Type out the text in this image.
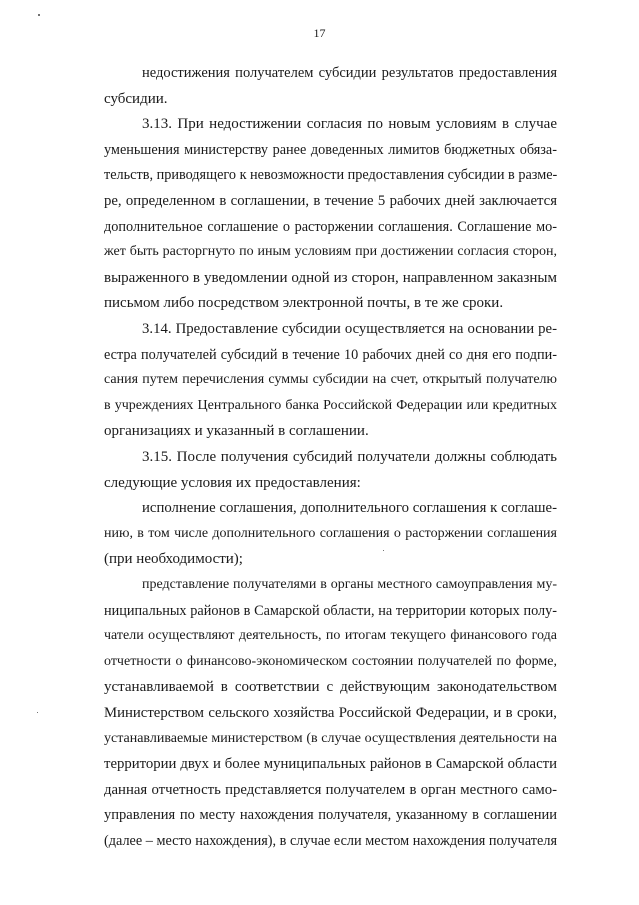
17
недостижения получателем субсидии результатов предоставления
субсидии.
3.13. При недостижении согласия по новым условиям в случае
уменьшения министерству ранее доведенных лимитов бюджетных обяза-
тельств, приводящего к невозможности предоставления субсидии в разме-
ре, определенном в соглашении, в течение 5 рабочих дней заключается
дополнительное соглашение о расторжении соглашения. Соглашение мо-
жет быть расторгнуто по иным условиям при достижении согласия сторон,
выраженного в уведомлении одной из сторон, направленном заказным
письмом либо посредством электронной почты, в те же сроки.
3.14. Предоставление субсидии осуществляется на основании ре-
естра получателей субсидий в течение 10 рабочих дней со дня его подпи-
сания путем перечисления суммы субсидии на счет, открытый получателю
в учреждениях Центрального банка Российской Федерации или кредитных
организациях и указанный в соглашении.
3.15. После получения субсидий получатели должны соблюдать
следующие условия их предоставления:
исполнение соглашения, дополнительного соглашения к соглаше-
нию, в том числе дополнительного соглашения о расторжении соглашения
(при необходимости);
представление получателями в органы местного самоуправления му-
ниципальных районов в Самарской области, на территории которых полу-
чатели осуществляют деятельность, по итогам текущего финансового года
отчетности о финансово-экономическом состоянии получателей по форме,
устанавливаемой в соответствии с действующим законодательством
Министерством сельского хозяйства Российской Федерации, и в сроки,
устанавливаемые министерством (в случае осуществления деятельности на
территории двух и более муниципальных районов в Самарской области
данная отчетность представляется получателем в орган местного само-
управления по месту нахождения получателя, указанному в соглашении
(далее – место нахождения), в случае если местом нахождения получателя
